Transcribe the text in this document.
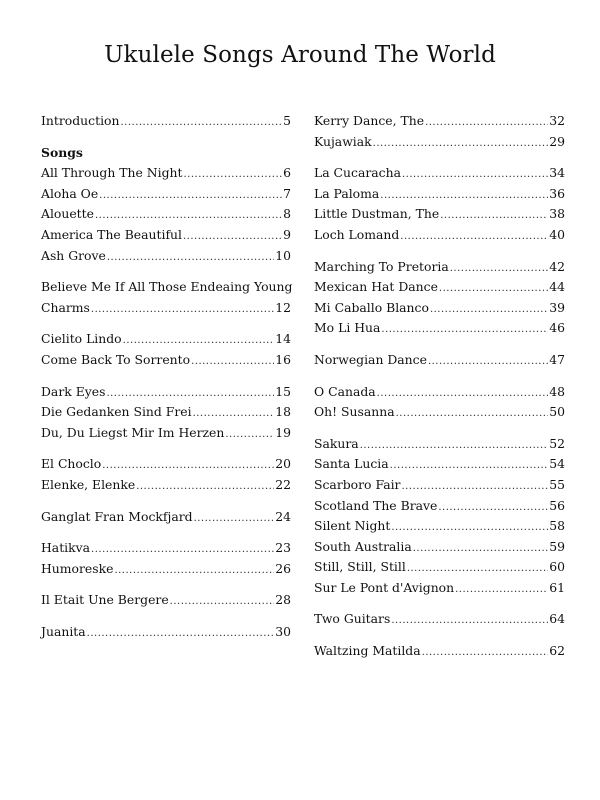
Ukulele Songs Around The World
Introduction .....	5
Songs
All Through The Night .....	6
Aloha Oe .....	7
Alouette .....	8
America The Beautiful .....	9
Ash Grove .....	10
Believe Me If All Those Endeaing Young
Charms .....	12
Cielito Lindo .....	14
Come Back To Sorrento .....	16
Dark Eyes .....	15
Die Gedanken Sind Frei .....	18
Du, Du Liegst Mir Im Herzen .....	19
El Choclo .....	20
Elenke, Elenke .....	22
Ganglat Fran Mockfjard .....	24
Hatikva .....	23
Humoreske .....	26
Il Etait Une Bergere .....	28
Juanita .....	30
Kerry Dance, The .....	32
Kujawiak .....	29
La Cucaracha .....	34
La Paloma .....	36
Little Dustman, The .....	38
Loch Lomand .....	40
Marching To Pretoria .....	42
Mexican Hat Dance .....	44
Mi Caballo Blanco .....	39
Mo Li Hua .....	46
Norwegian Dance .....	47
O Canada .....	48
Oh! Susanna .....	50
Sakura .....	52
Santa Lucia .....	54
Scarboro Fair .....	55
Scotland The Brave .....	56
Silent Night .....	58
South Australia .....	59
Still, Still, Still .....	60
Sur Le Pont d'Avignon .....	61
Two Guitars .....	64
Waltzing Matilda .....	62
